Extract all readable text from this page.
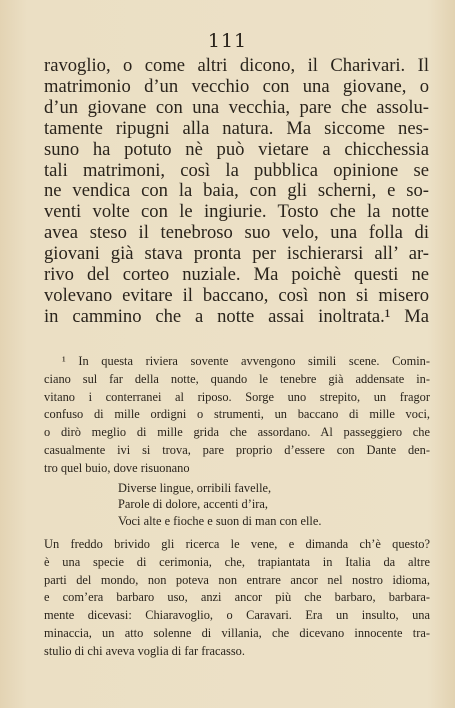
111
ravoglio, o come altri dicono, il Charivari. Il
matrimonio d’un vecchio con una giovane, o
d’un giovane con una vecchia, pare che assolu-
tamente ripugni alla natura. Ma siccome nes-
suno ha potuto nè può vietare a chicchessia
tali matrimoni, così la pubblica opinione se
ne vendica con la baia, con gli scherni, e so-
venti volte con le ingiurie. Tosto che la notte
avea steso il tenebroso suo velo, una folla di
giovani già stava pronta per ischierarsi all’ ar-
rivo del corteo nuziale. Ma poichè questi ne
volevano evitare il baccano, così non si misero
in cammino che a notte assai inoltrata.¹ Ma
¹ In questa riviera sovente avvengono simili scene. Comin-
ciano sul far della notte, quando le tenebre già addensate in-
vitano i conterranei al riposo. Sorge uno strepito, un fragor
confuso di mille ordigni o strumenti, un baccano di mille voci,
o dirò meglio di mille grida che assordano. Al passeggiero che
casualmente ivi si trova, pare proprio d’essere con Dante den-
tro quel buio, dove risuonano
Diverse lingue, orribili favelle,
Parole di dolore, accenti d’ira,
Voci alte e fioche e suon di man con elle.
Un freddo brivido gli ricerca le vene, e dimanda ch’è questo?
è una specie di cerimonia, che, trapiantata in Italia da altre
parti del mondo, non poteva non entrare ancor nel nostro idioma,
e com’era barbaro uso, anzi ancor più che barbaro, barbara-
mente dicevasi: Chiaravoglio, o Caravari. Era un insulto, una
minaccia, un atto solenne di villania, che dicevano innocente tra-
stulio di chi aveva voglia di far fracasso.
